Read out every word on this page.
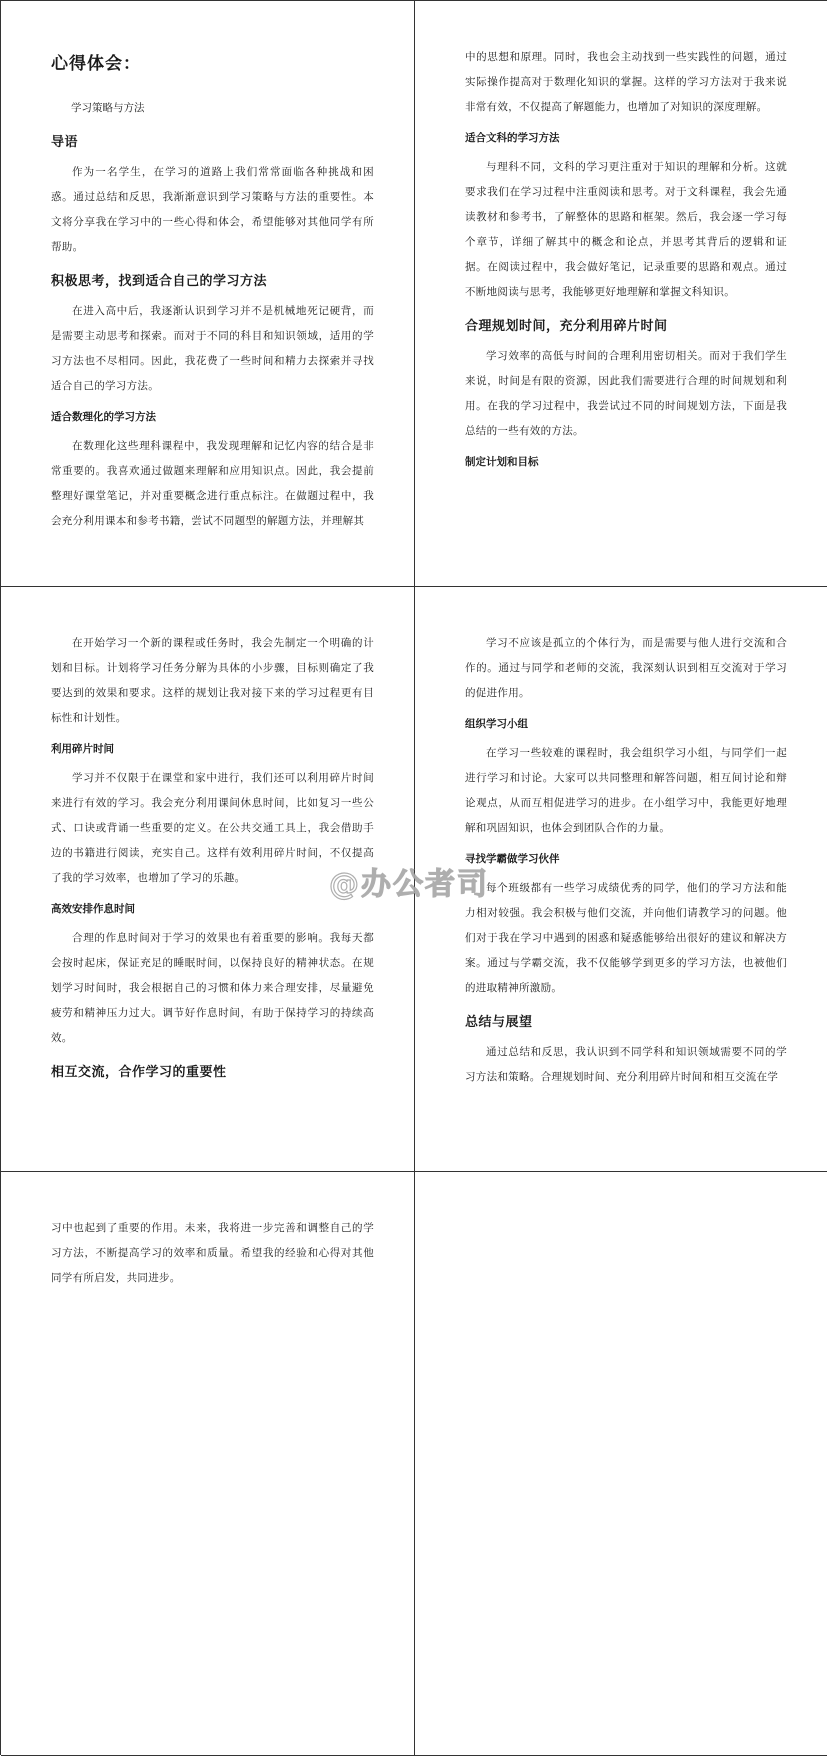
心得体会：
学习策略与方法
导语

作为一名学生，在学习的道路上我们常常面临各种挑战和困惑。通过总结和反思，我渐渐意识到学习策略与方法的重要性。本文将分享我在学习中的一些心得和体会，希望能够对其他同学有所帮助。

积极思考，找到适合自己的学习方法

在进入高中后，我逐渐认识到学习并不是机械地死记硬背，而是需要主动思考和探索。而对于不同的科目和知识领域，适用的学习方法也不尽相同。因此，我花费了一些时间和精力去探索并寻找适合自己的学习方法。

适合数理化的学习方法

在数理化这些理科课程中，我发现理解和记忆内容的结合是非常重要的。我喜欢通过做题来理解和应用知识点。因此，我会提前整理好课堂笔记，并对重要概念进行重点标注。在做题过程中，我会充分利用课本和参考书籍，尝试不同题型的解题方法，并理解其

中的思想和原理。同时，我也会主动找到一些实践性的问题，通过实际操作提高对于数理化知识的掌握。这样的学习方法对于我来说非常有效，不仅提高了解题能力，也增加了对知识的深度理解。

适合文科的学习方法

与理科不同，文科的学习更注重对于知识的理解和分析。这就要求我们在学习过程中注重阅读和思考。对于文科课程，我会先通读教材和参考书，了解整体的思路和框架。然后，我会逐一学习每个章节，详细了解其中的概念和论点，并思考其背后的逻辑和证据。在阅读过程中，我会做好笔记，记录重要的思路和观点。通过不断地阅读与思考，我能够更好地理解和掌握文科知识。

合理规划时间，充分利用碎片时间

学习效率的高低与时间的合理利用密切相关。而对于我们学生来说，时间是有限的资源，因此我们需要进行合理的时间规划和利用。在我的学习过程中，我尝试过不同的时间规划方法，下面是我总结的一些有效的方法。

制定计划和目标

在开始学习一个新的课程或任务时，我会先制定一个明确的计划和目标。计划将学习任务分解为具体的小步骤，目标则确定了我要达到的效果和要求。这样的规划让我对接下来的学习过程更有目标性和计划性。

利用碎片时间

学习并不仅限于在课堂和家中进行，我们还可以利用碎片时间来进行有效的学习。我会充分利用课间休息时间，比如复习一些公式、口诀或背诵一些重要的定义。在公共交通工具上，我会借助手边的书籍进行阅读，充实自己。这样有效利用碎片时间，不仅提高了我的学习效率，也增加了学习的乐趣。

高效安排作息时间

合理的作息时间对于学习的效果也有着重要的影响。我每天都会按时起床，保证充足的睡眠时间，以保持良好的精神状态。在规划学习时间时，我会根据自己的习惯和体力来合理安排，尽量避免疲劳和精神压力过大。调节好作息时间，有助于保持学习的持续高效。

相互交流，合作学习的重要性

学习不应该是孤立的个体行为，而是需要与他人进行交流和合作的。通过与同学和老师的交流，我深刻认识到相互交流对于学习的促进作用。

组织学习小组

在学习一些较难的课程时，我会组织学习小组，与同学们一起进行学习和讨论。大家可以共同整理和解答问题，相互间讨论和辩论观点，从而互相促进学习的进步。在小组学习中，我能更好地理解和巩固知识，也体会到团队合作的力量。

寻找学霸做学习伙伴

每个班级都有一些学习成绩优秀的同学，他们的学习方法和能力相对较强。我会积极与他们交流，并向他们请教学习的问题。他们对于我在学习中遇到的困惑和疑惑能够给出很好的建议和解决方案。通过与学霸交流，我不仅能够学到更多的学习方法，也被他们的进取精神所激励。

总结与展望

通过总结和反思，我认识到不同学科和知识领域需要不同的学习方法和策略。合理规划时间、充分利用碎片时间和相互交流在学

习中也起到了重要的作用。未来，我将进一步完善和调整自己的学习方法，不断提高学习的效率和质量。希望我的经验和心得对其他同学有所启发，共同进步。

@办公者司
